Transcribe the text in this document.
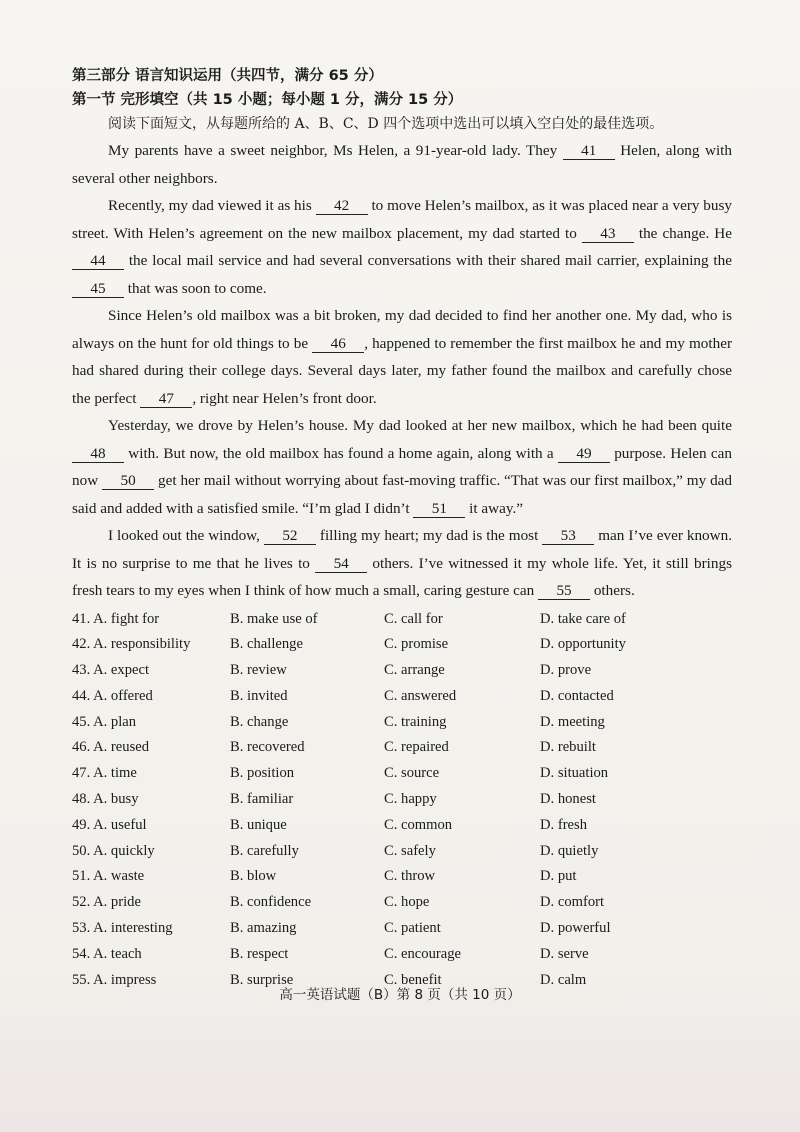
第三部分 语言知识运用（共四节，满分 65 分）

第一节 完形填空（共 15 小题；每小题 1 分，满分 15 分）

阅读下面短文，从每题所给的 A、B、C、D 四个选项中选出可以填入空白处的最佳选项。

My parents have a sweet neighbor, Ms Helen, a 91-year-old lady. They 41 Helen, along with several other neighbors.

Recently, my dad viewed it as his 42 to move Helen’s mailbox, as it was placed near a very busy street. With Helen’s agreement on the new mailbox placement, my dad started to 43 the change. He 44 the local mail service and had several conversations with their shared mail carrier, explaining the 45 that was soon to come.

Since Helen’s old mailbox was a bit broken, my dad decided to find her another one. My dad, who is always on the hunt for old things to be 46 , happened to remember the first mailbox he and my mother had shared during their college days. Several days later, my father found the mailbox and carefully chose the perfect 47 , right near Helen’s front door.

Yesterday, we drove by Helen’s house. My dad looked at her new mailbox, which he had been quite 48 with. But now, the old mailbox has found a home again, along with a 49 purpose. Helen can now 50 get her mail without worrying about fast-moving traffic. “That was our first mailbox,” my dad said and added with a satisfied smile. “I’m glad I didn’t 51 it away.”

I looked out the window, 52 filling my heart; my dad is the most 53 man I’ve ever known. It is no surprise to me that he lives to 54 others. I’ve witnessed it my whole life. Yet, it still brings fresh tears to my eyes when I think of how much a small, caring gesture can 55 others.

41. A. fight for	B. make use of	C. call for	D. take care of
42. A. responsibility	B. challenge	C. promise	D. opportunity
43. A. expect	B. review	C. arrange	D. prove
44. A. offered	B. invited	C. answered	D. contacted
45. A. plan	B. change	C. training	D. meeting
46. A. reused	B. recovered	C. repaired	D. rebuilt
47. A. time	B. position	C. source	D. situation
48. A. busy	B. familiar	C. happy	D. honest
49. A. useful	B. unique	C. common	D. fresh
50. A. quickly	B. carefully	C. safely	D. quietly
51. A. waste	B. blow	C. throw	D. put
52. A. pride	B. confidence	C. hope	D. comfort
53. A. interesting	B. amazing	C. patient	D. powerful
54. A. teach	B. respect	C. encourage	D. serve
55. A. impress	B. surprise	C. benefit	D. calm
高一英语试题（B）第 8 页（共 10 页）
